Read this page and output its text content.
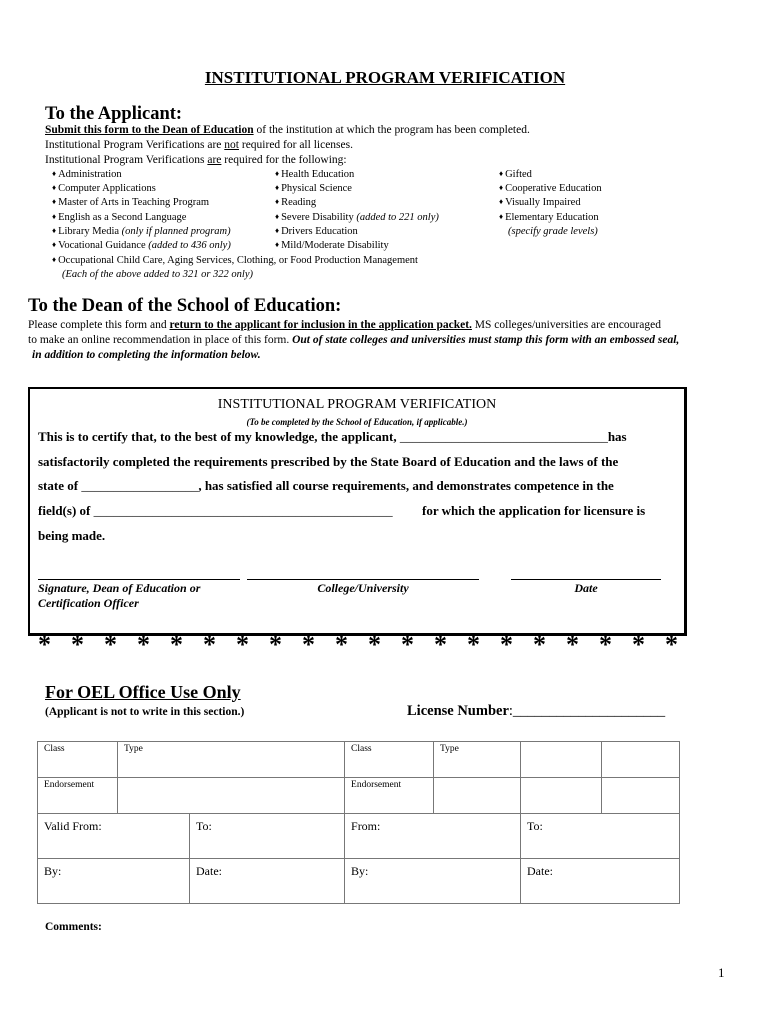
INSTITUTIONAL PROGRAM VERIFICATION
To the Applicant:
Submit this form to the Dean of Education of the institution at which the program has been completed.
Institutional Program Verifications are not required for all licenses.
Institutional Program Verifications are required for the following:
♦ Administration
♦ Computer Applications
♦ Master of Arts in Teaching Program
♦ English as a Second Language
♦ Library Media (only if planned program)
♦ Vocational Guidance (added to 436 only)
♦ Health Education
♦ Physical Science
♦ Reading
♦ Severe Disability (added to 221 only)
♦ Drivers Education
♦ Mild/Moderate Disability
♦ Gifted
♦ Cooperative Education
♦ Visually Impaired
♦ Elementary Education
(specify grade levels)
♦ Occupational Child Care, Aging Services, Clothing, or Food Production Management
(Each of the above added to 321 or 322 only)
To the Dean of the School of Education:
Please complete this form and return to the applicant for inclusion in the application packet. MS colleges/universities are encouraged
to make an online recommendation in place of this form. Out of state colleges and universities must stamp this form with an embossed seal,
in addition to completing the information below.
INSTITUTIONAL PROGRAM VERIFICATION
(To be completed by the School of Education, if applicable.)
This is to certify that, to the best of my knowledge, the applicant, ________________________________has
satisfactorily completed the requirements prescribed by the State Board of Education and the laws of the
state of __________________, has satisfied all course requirements, and demonstrates competence in the
field(s) of ______________________________________________ for which the application for licensure is
being made.
Signature, Dean of Education or
Certification Officer
College/University	Date
* * * * * * * * * * * * * * * * * * * *
For OEL Office Use Only
(Applicant is not to write in this section.)	License Number:_____________________
Class	Type		Class	Type		
Endorsement			Endorsement			
Valid From:		To:	From:		To:	
By:		Date:	By:		Date:	
Comments:
1
